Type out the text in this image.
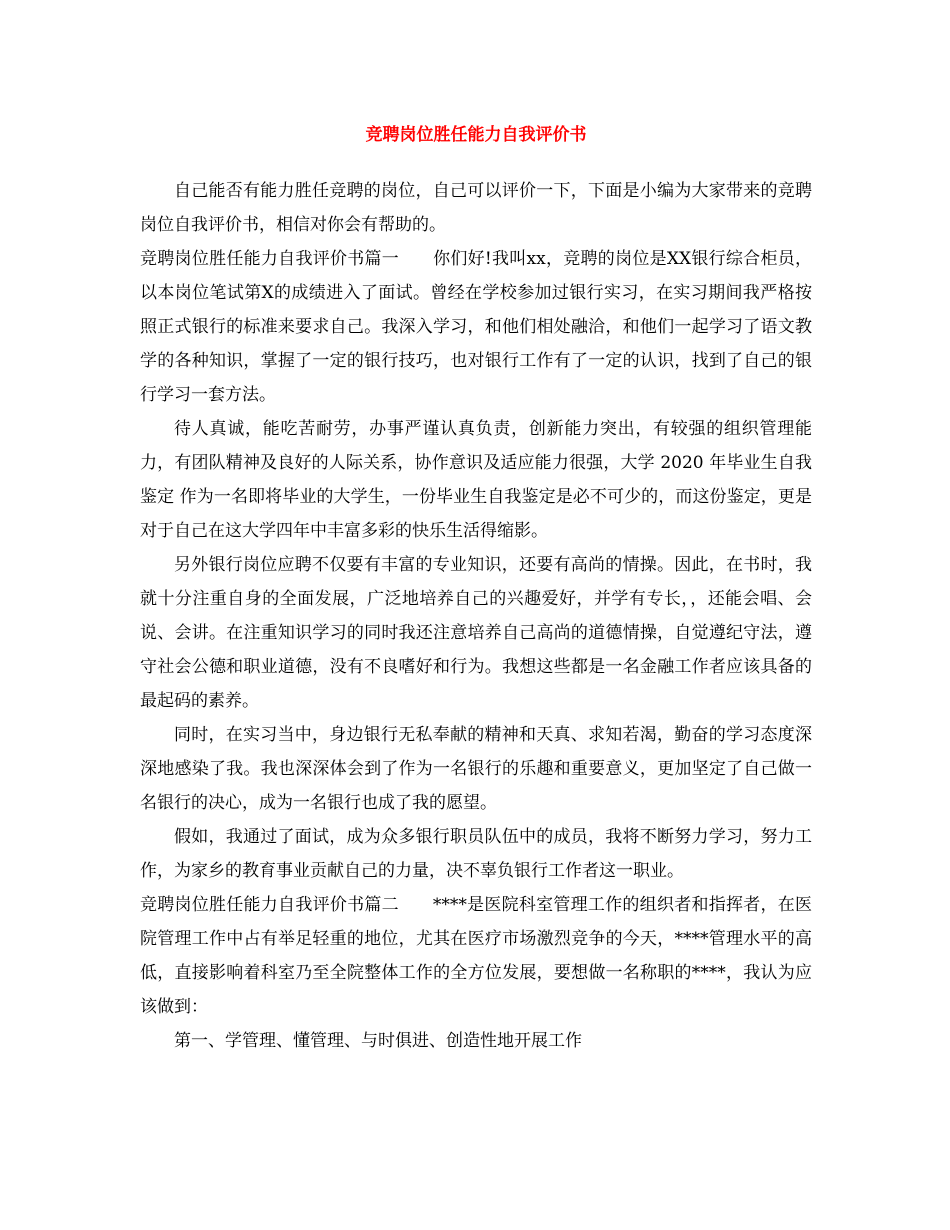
竞聘岗位胜任能力自我评价书

自己能否有能力胜任竞聘的岗位，自己可以评价一下，下面是小编为大家带来的竞聘岗位自我评价书，相信对你会有帮助的。

竞聘岗位胜任能力自我评价书篇一 你们好!我叫xx，竞聘的岗位是XX银行综合柜员，以本岗位笔试第X的成绩进入了面试。曾经在学校参加过银行实习，在实习期间我严格按照正式银行的标准来要求自己。我深入学习，和他们相处融洽，和他们一起学习了语文教学的各种知识，掌握了一定的银行技巧，也对银行工作有了一定的认识，找到了自己的银行学习一套方法。

待人真诚，能吃苦耐劳，办事严谨认真负责，创新能力突出，有较强的组织管理能力，有团队精神及良好的人际关系，协作意识及适应能力很强，大学 2020 年毕业生自我鉴定 作为一名即将毕业的大学生，一份毕业生自我鉴定是必不可少的，而这份鉴定，更是对于自己在这大学四年中丰富多彩的快乐生活得缩影。

另外银行岗位应聘不仅要有丰富的专业知识，还要有高尚的情操。因此，在书时，我就十分注重自身的全面发展，广泛地培养自己的兴趣爱好，并学有专长，，还能会唱、会说、会讲。在注重知识学习的同时我还注意培养自己高尚的道德情操，自觉遵纪守法，遵守社会公德和职业道德，没有不良嗜好和行为。我想这些都是一名金融工作者应该具备的最起码的素养。

同时，在实习当中，身边银行无私奉献的精神和天真、求知若渴，勤奋的学习态度深深地感染了我。我也深深体会到了作为一名银行的乐趣和重要意义，更加坚定了自己做一名银行的决心，成为一名银行也成了我的愿望。

假如，我通过了面试，成为众多银行职员队伍中的成员，我将不断努力学习，努力工作，为家乡的教育事业贡献自己的力量，决不辜负银行工作者这一职业。

竞聘岗位胜任能力自我评价书篇二 ****是医院科室管理工作的组织者和指挥者，在医院管理工作中占有举足轻重的地位，尤其在医疗市场激烈竞争的今天，****管理水平的高低，直接影响着科室乃至全院整体工作的全方位发展，要想做一名称职的****，我认为应该做到：

第一、学管理、懂管理、与时俱进、创造性地开展工作
